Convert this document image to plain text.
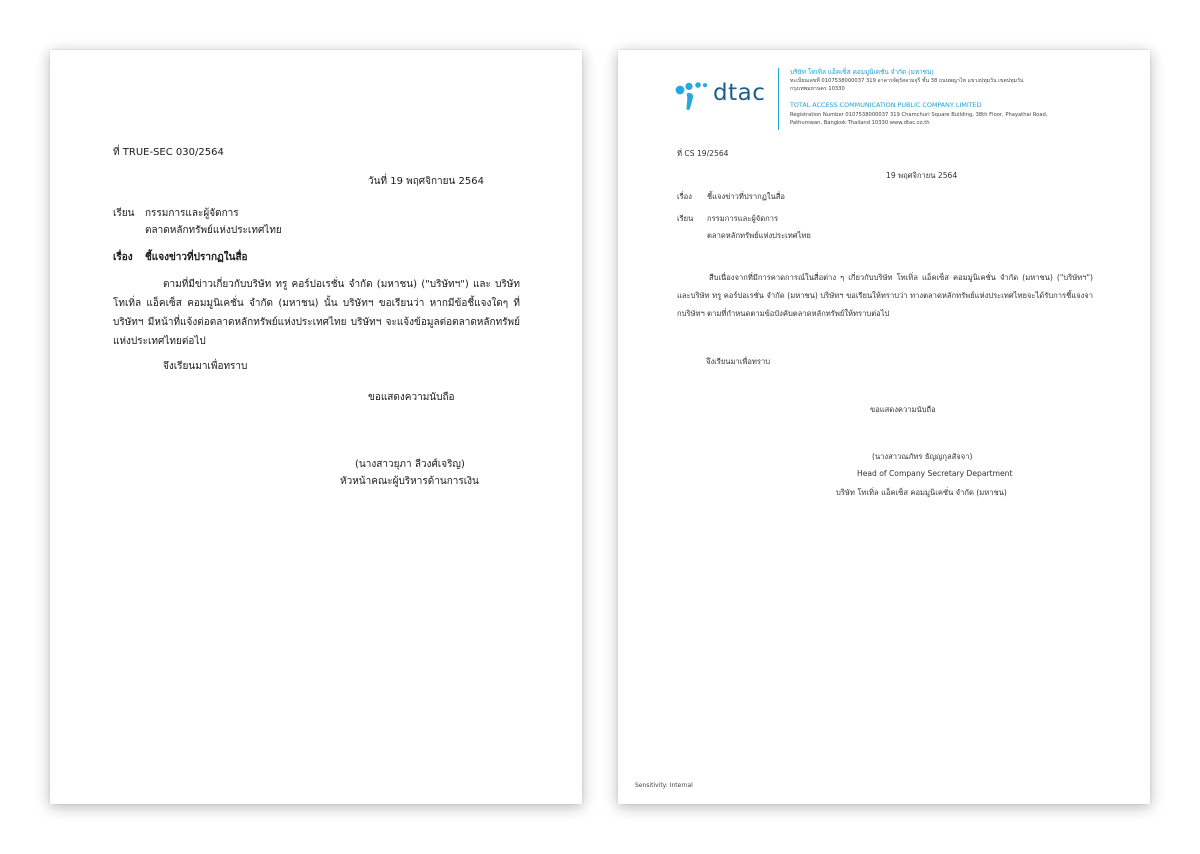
ที่ TRUE-SEC 030/2564
วันที่ 19 พฤศจิกายน 2564
เรียน กรรมการและผู้จัดการ
ตลาดหลักทรัพย์แห่งประเทศไทย
เรื่อง ชี้แจงข่าวที่ปรากฏในสื่อ
ตามที่มีข่าวเกี่ยวกับบริษัท ทรู คอร์ปอเรชั่น จำกัด (มหาชน) ("บริษัทฯ") และ บริษัท โทเทิ่ล แอ็คเซ็ส คอมมูนิเคชั่น จำกัด (มหาชน) นั้น บริษัทฯ ขอเรียนว่า หากมีข้อชี้แจงใดๆ ที่บริษัทฯ มีหน้าที่แจ้งต่อตลาดหลักทรัพย์แห่งประเทศไทย บริษัทฯ จะแจ้งข้อมูลต่อตลาดหลักทรัพย์แห่งประเทศไทยต่อไป
จึงเรียนมาเพื่อทราบ
ขอแสดงความนับถือ
(นางสาวยุภา ลีวงศ์เจริญ)
หัวหน้าคณะผู้บริหารด้านการเงิน
dtac
บริษัท โทเทิ่ล แอ็คเซ็ส คอมมูนิเคชั่น จำกัด (มหาชน)
ทะเบียนเลขที่ 0107538000037 319 อาคารจัตุรัสจามจุรี ชั้น 38 ถนนพญาไท แขวงปทุมวัน เขตปทุมวัน
กรุงเทพมหานคร 10330
TOTAL ACCESS COMMUNICATION PUBLIC COMPANY LIMITED
Registration Number 0107538000037 319 Chamchuri Square Building, 38th Floor, Phayathai Road,
Pathumwan, Bangkok Thailand 10330 www.dtac.co.th
ที่ CS 19/2564
19 พฤศจิกายน 2564
เรื่อง ชี้แจงข่าวที่ปรากฏในสื่อ
เรียน กรรมการและผู้จัดการ
ตลาดหลักทรัพย์แห่งประเทศไทย
สืบเนื่องจากที่มีการคาดการณ์ในสื่อต่าง ๆ เกี่ยวกับบริษัท โทเทิ่ล แอ็คเซ็ส คอมมูนิเคชั่น จำกัด (มหาชน) ("บริษัทฯ") และบริษัท ทรู คอร์ปอเรชั่น จำกัด (มหาชน) บริษัทฯ ขอเรียนให้ทราบว่า ทางตลาดหลักทรัพย์แห่งประเทศไทยจะได้รับการชี้แจงจากบริษัทฯ ตามที่กำหนดตามข้อบังคับตลาดหลักทรัพย์ให้ทราบต่อไป
จึงเรียนมาเพื่อทราบ
ขอแสดงความนับถือ
(นางสาวณภัทร ธัญญกุลสัจจา)
Head of Company Secretary Department
บริษัท โทเทิ่ล แอ็คเซ็ส คอมมูนิเคชั่น จำกัด (มหาชน)
Sensitivity: Internal
